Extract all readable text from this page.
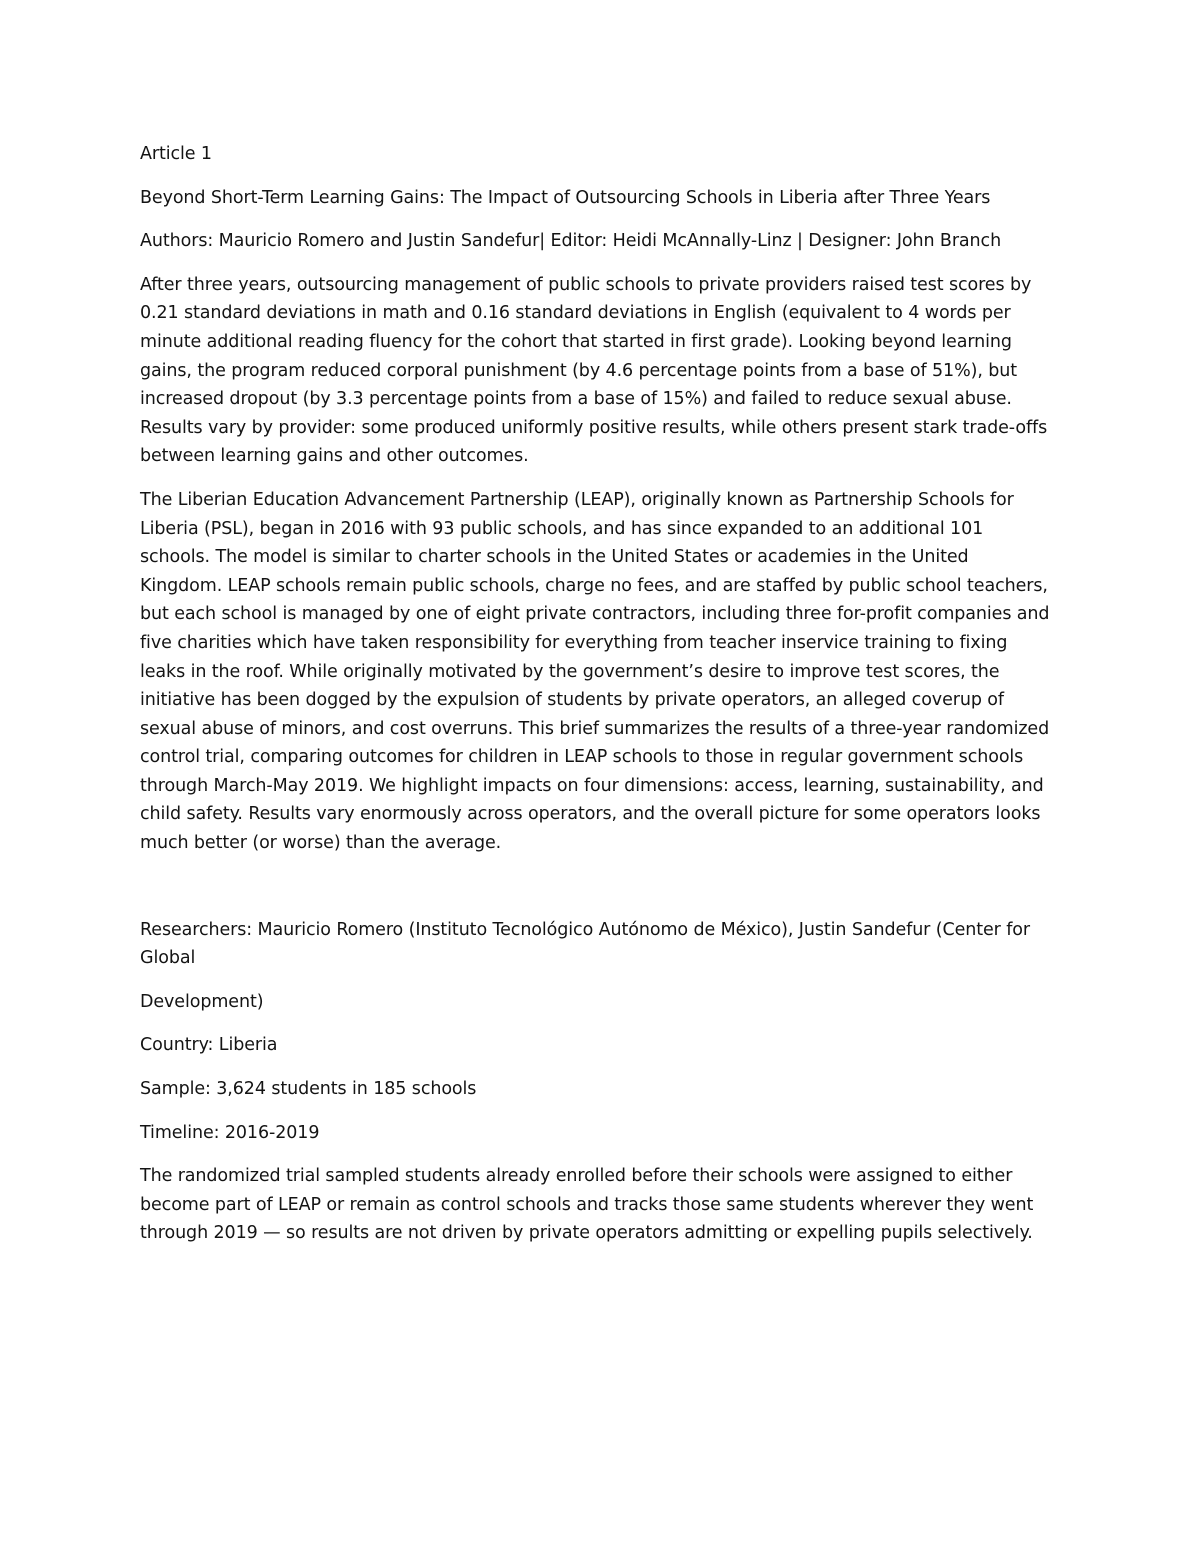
Article 1

Beyond Short-Term Learning Gains: The Impact of Outsourcing Schools in Liberia after Three Years

Authors: Mauricio Romero and Justin Sandefur| Editor: Heidi McAnnally-Linz | Designer: John Branch

After three years, outsourcing management of public schools to private providers raised test scores by 0.21 standard deviations in math and 0.16 standard deviations in English (equivalent to 4 words per minute additional reading fluency for the cohort that started in first grade). Looking beyond learning gains, the program reduced corporal punishment (by 4.6 percentage points from a base of 51%), but increased dropout (by 3.3 percentage points from a base of 15%) and failed to reduce sexual abuse. Results vary by provider: some produced uniformly positive results, while others present stark trade-offs between learning gains and other outcomes.

The Liberian Education Advancement Partnership (LEAP), originally known as Partnership Schools for Liberia (PSL), began in 2016 with 93 public schools, and has since expanded to an additional 101 schools. The model is similar to charter schools in the United States or academies in the United Kingdom. LEAP schools remain public schools, charge no fees, and are staffed by public school teachers, but each school is managed by one of eight private contractors, including three for-profit companies and five charities which have taken responsibility for everything from teacher inservice training to fixing leaks in the roof. While originally motivated by the government’s desire to improve test scores, the initiative has been dogged by the expulsion of students by private operators, an alleged coverup of sexual abuse of minors, and cost overruns. This brief summarizes the results of a three-year randomized control trial, comparing outcomes for children in LEAP schools to those in regular government schools through March-May 2019. We highlight impacts on four dimensions: access, learning, sustainability, and child safety. Results vary enormously across operators, and the overall picture for some operators looks much better (or worse) than the average.

Researchers: Mauricio Romero (Instituto Tecnológico Autónomo de México), Justin Sandefur (Center for Global

Development)

Country: Liberia

Sample: 3,624 students in 185 schools

Timeline: 2016-2019

The randomized trial sampled students already enrolled before their schools were assigned to either become part of LEAP or remain as control schools and tracks those same students wherever they went through 2019 — so results are not driven by private operators admitting or expelling pupils selectively.
